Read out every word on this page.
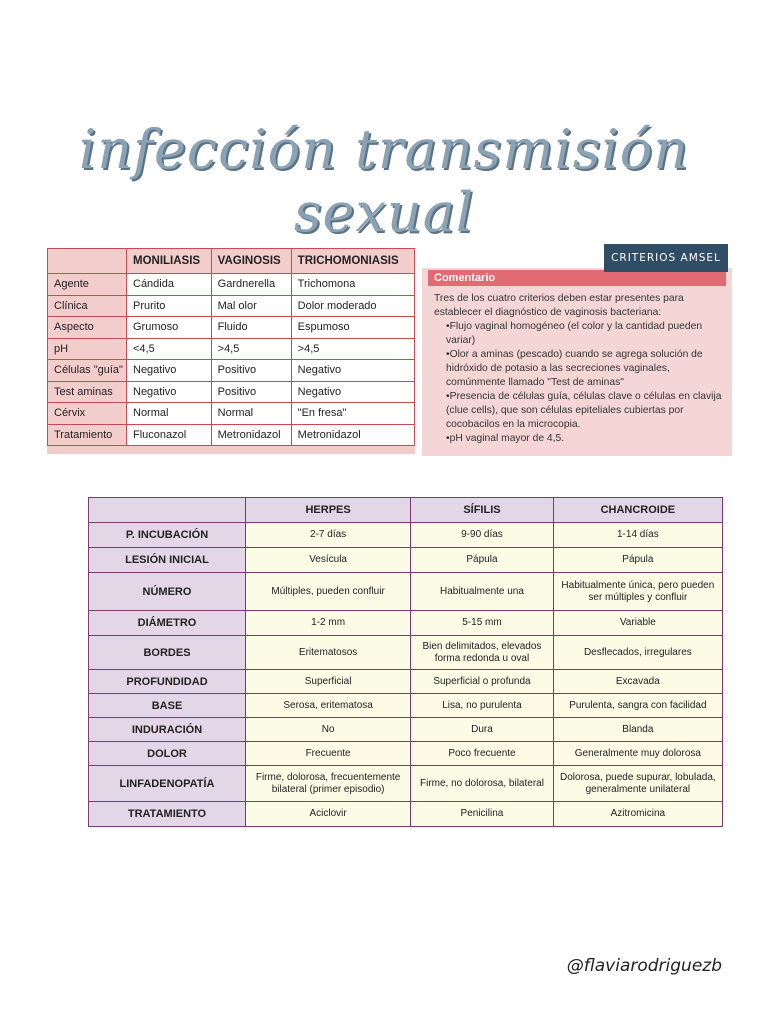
infección transmisión sexual
	MONILIASIS	VAGINOSIS	TRICHOMONIASIS
Agente	Cándida	Gardnerella	Trichomona
Clínica	Prurito	Mal olor	Dolor moderado
Aspecto	Grumoso	Fluido	Espumoso
pH	<4,5	>4,5	>4,5
Células "guía"	Negativo	Positivo	Negativo
Test aminas	Negativo	Positivo	Negativo
Cérvix	Normal	Normal	"En fresa"
Tratamiento	Fluconazol	Metronidazol	Metronidazol
Comentario

Tres de los cuatro criterios deben estar presentes para establecer el diagnóstico de vaginosis bacteriana:

• Flujo vaginal homogéneo (el color y la cantidad pueden variar)
• Olor a aminas (pescado) cuando se agrega solución de hidróxido de potasio a las secreciones vaginales, comúnmente llamado "Test de aminas"
• Presencia de células guía, células clave o células en clavija (clue cells), que son células epiteliales cubiertas por cocobacilos en la microcopia.
• pH vaginal mayor de 4,5.
CRITERIOS AMSEL
	HERPES	SÍFILIS	CHANCROIDE
P. INCUBACIÓN	2-7 días	9-90 días	1-14 días
LESIÓN INICIAL	Vesícula	Pápula	Pápula
NÚMERO	Múltiples, pueden confluir	Habitualmente una	Habitualmente única, pero pueden ser múltiples y confluir
DIÁMETRO	1-2 mm	5-15 mm	Variable
BORDES	Eritematosos	Bien delimitados, elevados forma redonda u oval	Desflecados, irregulares
PROFUNDIDAD	Superficial	Superficial o profunda	Excavada
BASE	Serosa, eritematosa	Lisa, no purulenta	Purulenta, sangra con facilidad
INDURACIÓN	No	Dura	Blanda
DOLOR	Frecuente	Poco frecuente	Generalmente muy dolorosa
LINFADENOPATÍA	Firme, dolorosa, frecuentemente bilateral (primer episodio)	Firme, no dolorosa, bilateral	Dolorosa, puede supurar, lobulada, generalmente unilateral
TRATAMIENTO	Aciclovir	Penicilina	Azitromicina
@flaviarodriguezb
